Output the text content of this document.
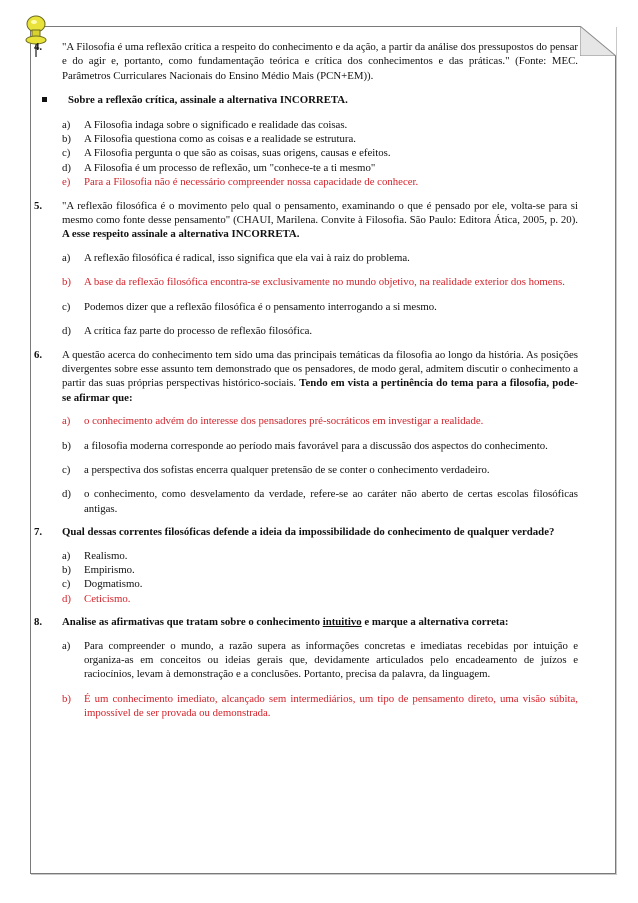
4. "A Filosofia é uma reflexão crítica a respeito do conhecimento e da ação, a partir da análise dos pressupostos do pensar e do agir e, portanto, como fundamentação teórica e crítica dos conhecimentos e das práticas." (Fonte: MEC. Parâmetros Curriculares Nacionais do Ensino Médio Mais (PCN+EM)).
Sobre a reflexão crítica, assinale a alternativa INCORRETA.
a) A Filosofia indaga sobre o significado e realidade das coisas.
b) A Filosofia questiona como as coisas e a realidade se estrutura.
c) A Filosofia pergunta o que são as coisas, suas origens, causas e efeitos.
d) A Filosofia é um processo de reflexão, um "conhece-te a ti mesmo"
e) Para a Filosofia não é necessário compreender nossa capacidade de conhecer.
5. "A reflexão filosófica é o movimento pelo qual o pensamento, examinando o que é pensado por ele, volta-se para si mesmo como fonte desse pensamento" (CHAUI, Marilena. Convite à Filosofia. São Paulo: Editora Ática, 2005, p. 20). A esse respeito assinale a alternativa INCORRETA.
a) A reflexão filosófica é radical, isso significa que ela vai à raiz do problema.
b) A base da reflexão filosófica encontra-se exclusivamente no mundo objetivo, na realidade exterior dos homens.
c) Podemos dizer que a reflexão filosófica é o pensamento interrogando a si mesmo.
d) A crítica faz parte do processo de reflexão filosófica.
6. A questão acerca do conhecimento tem sido uma das principais temáticas da filosofia ao longo da história. As posições divergentes sobre esse assunto tem demonstrado que os pensadores, de modo geral, admitem discutir o conhecimento a partir das suas próprias perspectivas histórico-sociais. Tendo em vista a pertinência do tema para a filosofia, pode-se afirmar que:
a) o conhecimento advém do interesse dos pensadores pré-socráticos em investigar a realidade.
b) a filosofia moderna corresponde ao período mais favorável para a discussão dos aspectos do conhecimento.
c) a perspectiva dos sofistas encerra qualquer pretensão de se conter o conhecimento verdadeiro.
d) o conhecimento, como desvelamento da verdade, refere-se ao caráter não aberto de certas escolas filosóficas antigas.
7. Qual dessas correntes filosóficas defende a ideia da impossibilidade do conhecimento de qualquer verdade?
a) Realismo.
b) Empirismo.
c) Dogmatismo.
d) Ceticismo.
8. Analise as afirmativas que tratam sobre o conhecimento intuitivo e marque a alternativa correta:
a) Para compreender o mundo, a razão supera as informações concretas e imediatas recebidas por intuição e organiza-as em conceitos ou ideias gerais que, devidamente articulados pelo encadeamento de juízos e raciocínios, levam à demonstração e a conclusões. Portanto, precisa da palavra, da linguagem.
b) É um conhecimento imediato, alcançado sem intermediários, um tipo de pensamento direto, uma visão súbita, impossível de ser provada ou demonstrada.
